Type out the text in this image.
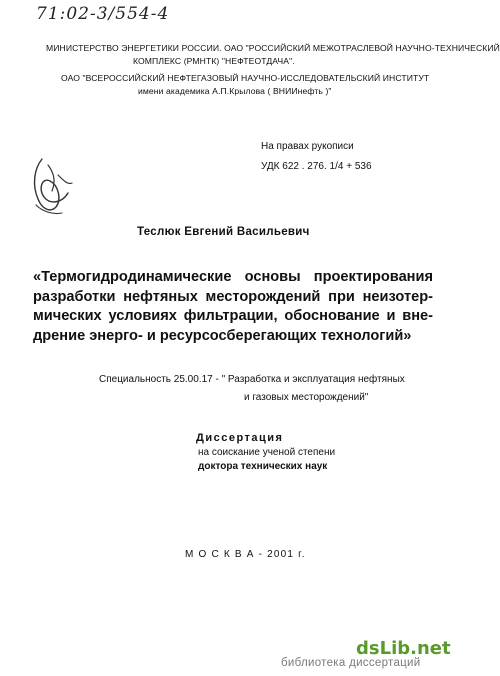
71:02-3/554-4
МИНИСТЕРСТВО ЭНЕРГЕТИКИ РОССИИ. ОАО "РОССИЙСКИЙ МЕЖОТРАСЛЕВОЙ НАУЧНО-ТЕХНИЧЕСКИЙ
КОМПЛЕКС (РМНТК) "НЕФТЕОТДАЧА".
ОАО "ВСЕРОССИЙСКИЙ НЕФТЕГАЗОВЫЙ НАУЧНО-ИССЛЕДОВАТЕЛЬСКИЙ ИНСТИТУТ
имени академика А.П.Крылова ( ВНИИнефть )"
На правах рукописи
УДК 622 . 276. 1/4 + 536
Теслюк Евгений Васильевич
«Термогидродинамические основы проектирования
разработки нефтяных месторождений при неизотер-
мических условиях фильтрации, обоснование и вне-
дрение энерго- и ресурсосберегающих технологий»
Специальность 25.00.17 - " Разработка и эксплуатация нефтяных
и газовых месторождений"
Диссертация
на соискание ученой степени
доктора технических наук
М О С К В А - 2001 г.
dsLib.net
библиотека диссертаций
